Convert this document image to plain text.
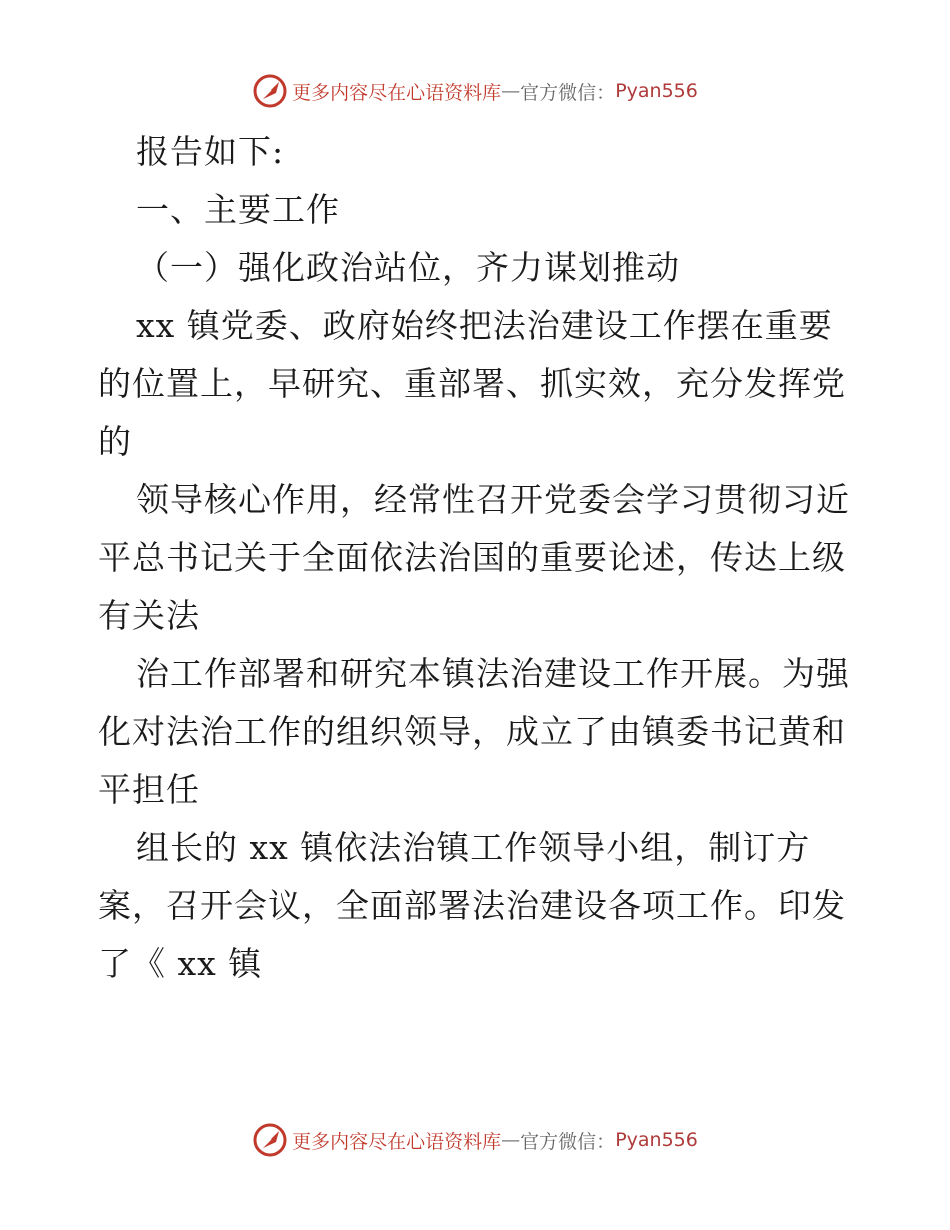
更多内容尽在心语资料库 — 官方微信： Pyan556
报告如下:
一、主要工作
（一）强化政治站位，齐力谋划推动
xx 镇党委、政府始终把法治建设工作摆在重要
的位置上，早研究、重部署、抓实效，充分发挥党
的
领导核心作用，经常性召开党委会学习贯彻习近
平总书记关于全面依法治国的重要论述，传达上级
有关法
治工作部署和研究本镇法治建设工作开展。为强
化对法治工作的组织领导，成立了由镇委书记黄和
平担任
组长的 xx 镇依法治镇工作领导小组，制订方
案，召开会议，全面部署法治建设各项工作。印发
了《 xx 镇
更多内容尽在心语资料库 — 官方微信： Pyan556
